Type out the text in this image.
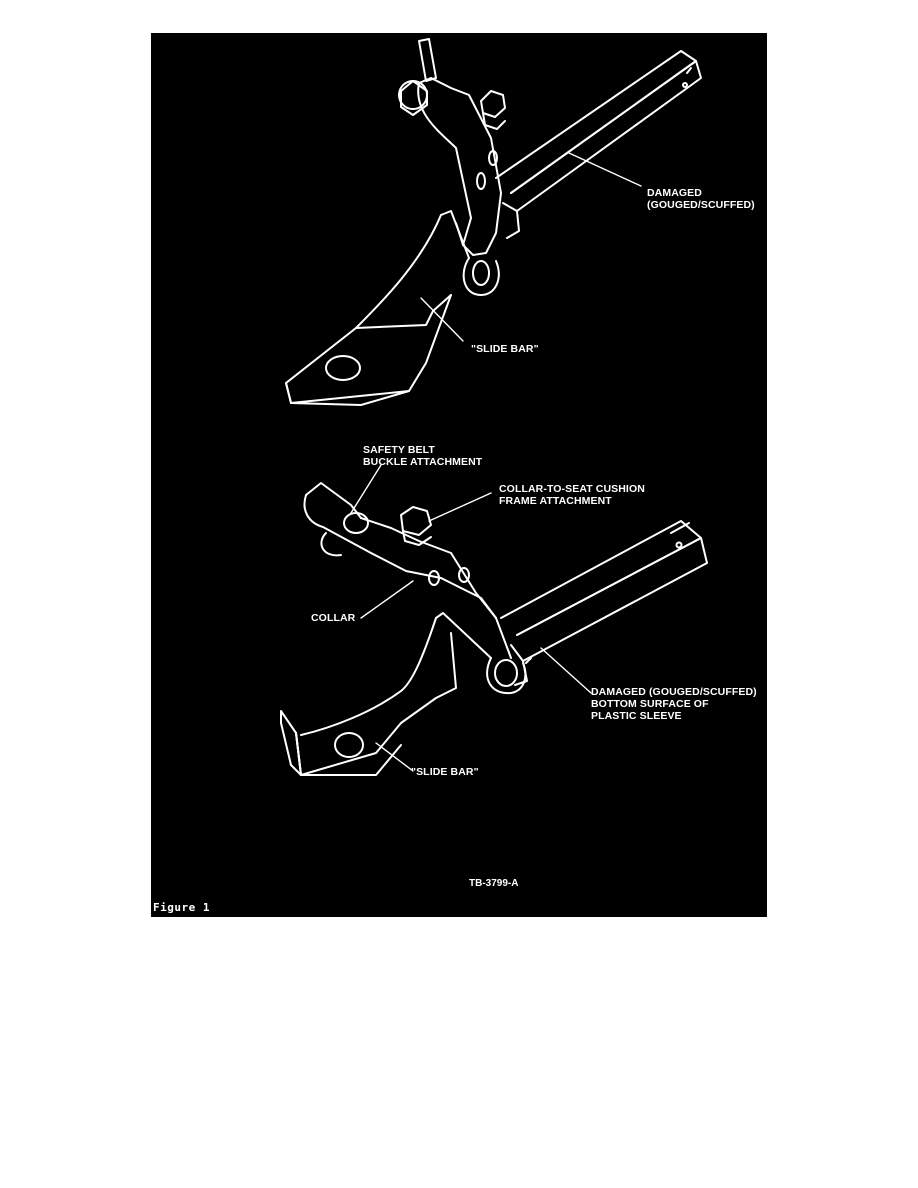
DAMAGED
(GOUGED/SCUFFED)
"SLIDE BAR"
SAFETY BELT
BUCKLE ATTACHMENT
COLLAR-TO-SEAT CUSHION
FRAME ATTACHMENT
COLLAR
DAMAGED (GOUGED/SCUFFED)
BOTTOM SURFACE OF
PLASTIC SLEEVE
"SLIDE BAR"
TB-3799-A
Figure 1
